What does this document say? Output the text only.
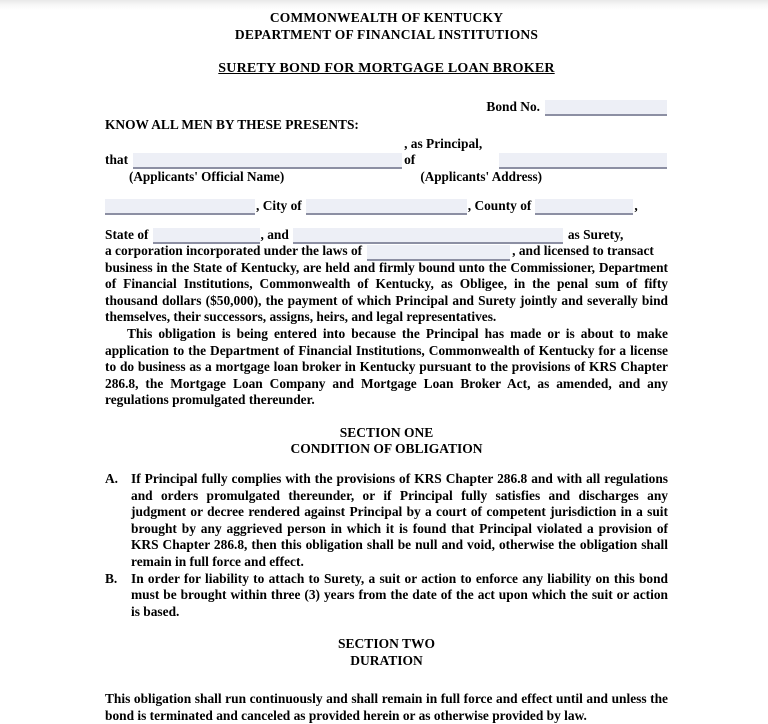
COMMONWEALTH OF KENTUCKY
DEPARTMENT OF FINANCIAL INSTITUTIONS
SURETY BOND FOR MORTGAGE LOAN BROKER
Bond No.
KNOW ALL MEN BY THESE PRESENTS:
that
, as Principal, of
(Applicants' Official Name)	(Applicants' Address)
, City of	, County of	,
State of	, and	as Surety,
a corporation incorporated under the laws of	, and licensed to transact
business in the State of Kentucky, are held and firmly bound unto the Commissioner, Department of Financial Institutions, Commonwealth of Kentucky, as Obligee, in the penal sum of fifty thousand dollars ($50,000), the payment of which Principal and Surety jointly and severally bind themselves, their successors, assigns, heirs, and legal representatives.
This obligation is being entered into because the Principal has made or is about to make application to the Department of Financial Institutions, Commonwealth of Kentucky for a license to do business as a mortgage loan broker in Kentucky pursuant to the provisions of KRS Chapter 286.8, the Mortgage Loan Company and Mortgage Loan Broker Act, as amended, and any regulations promulgated thereunder.
SECTION ONE
CONDITION OF OBLIGATION
A. If Principal fully complies with the provisions of KRS Chapter 286.8 and with all regulations and orders promulgated thereunder, or if Principal fully satisfies and discharges any judgment or decree rendered against Principal by a court of competent jurisdiction in a suit brought by any aggrieved person in which it is found that Principal violated a provision of KRS Chapter 286.8, then this obligation shall be null and void, otherwise the obligation shall remain in full force and effect.
B.	In order for liability to attach to Surety, a suit or action to enforce any liability on this bond must be brought within three (3) years from the date of the act upon which the suit or action is based.
SECTION TWO
DURATION
This obligation shall run continuously and shall remain in full force and effect until and unless the bond is terminated and canceled as provided herein or as otherwise provided by law.
